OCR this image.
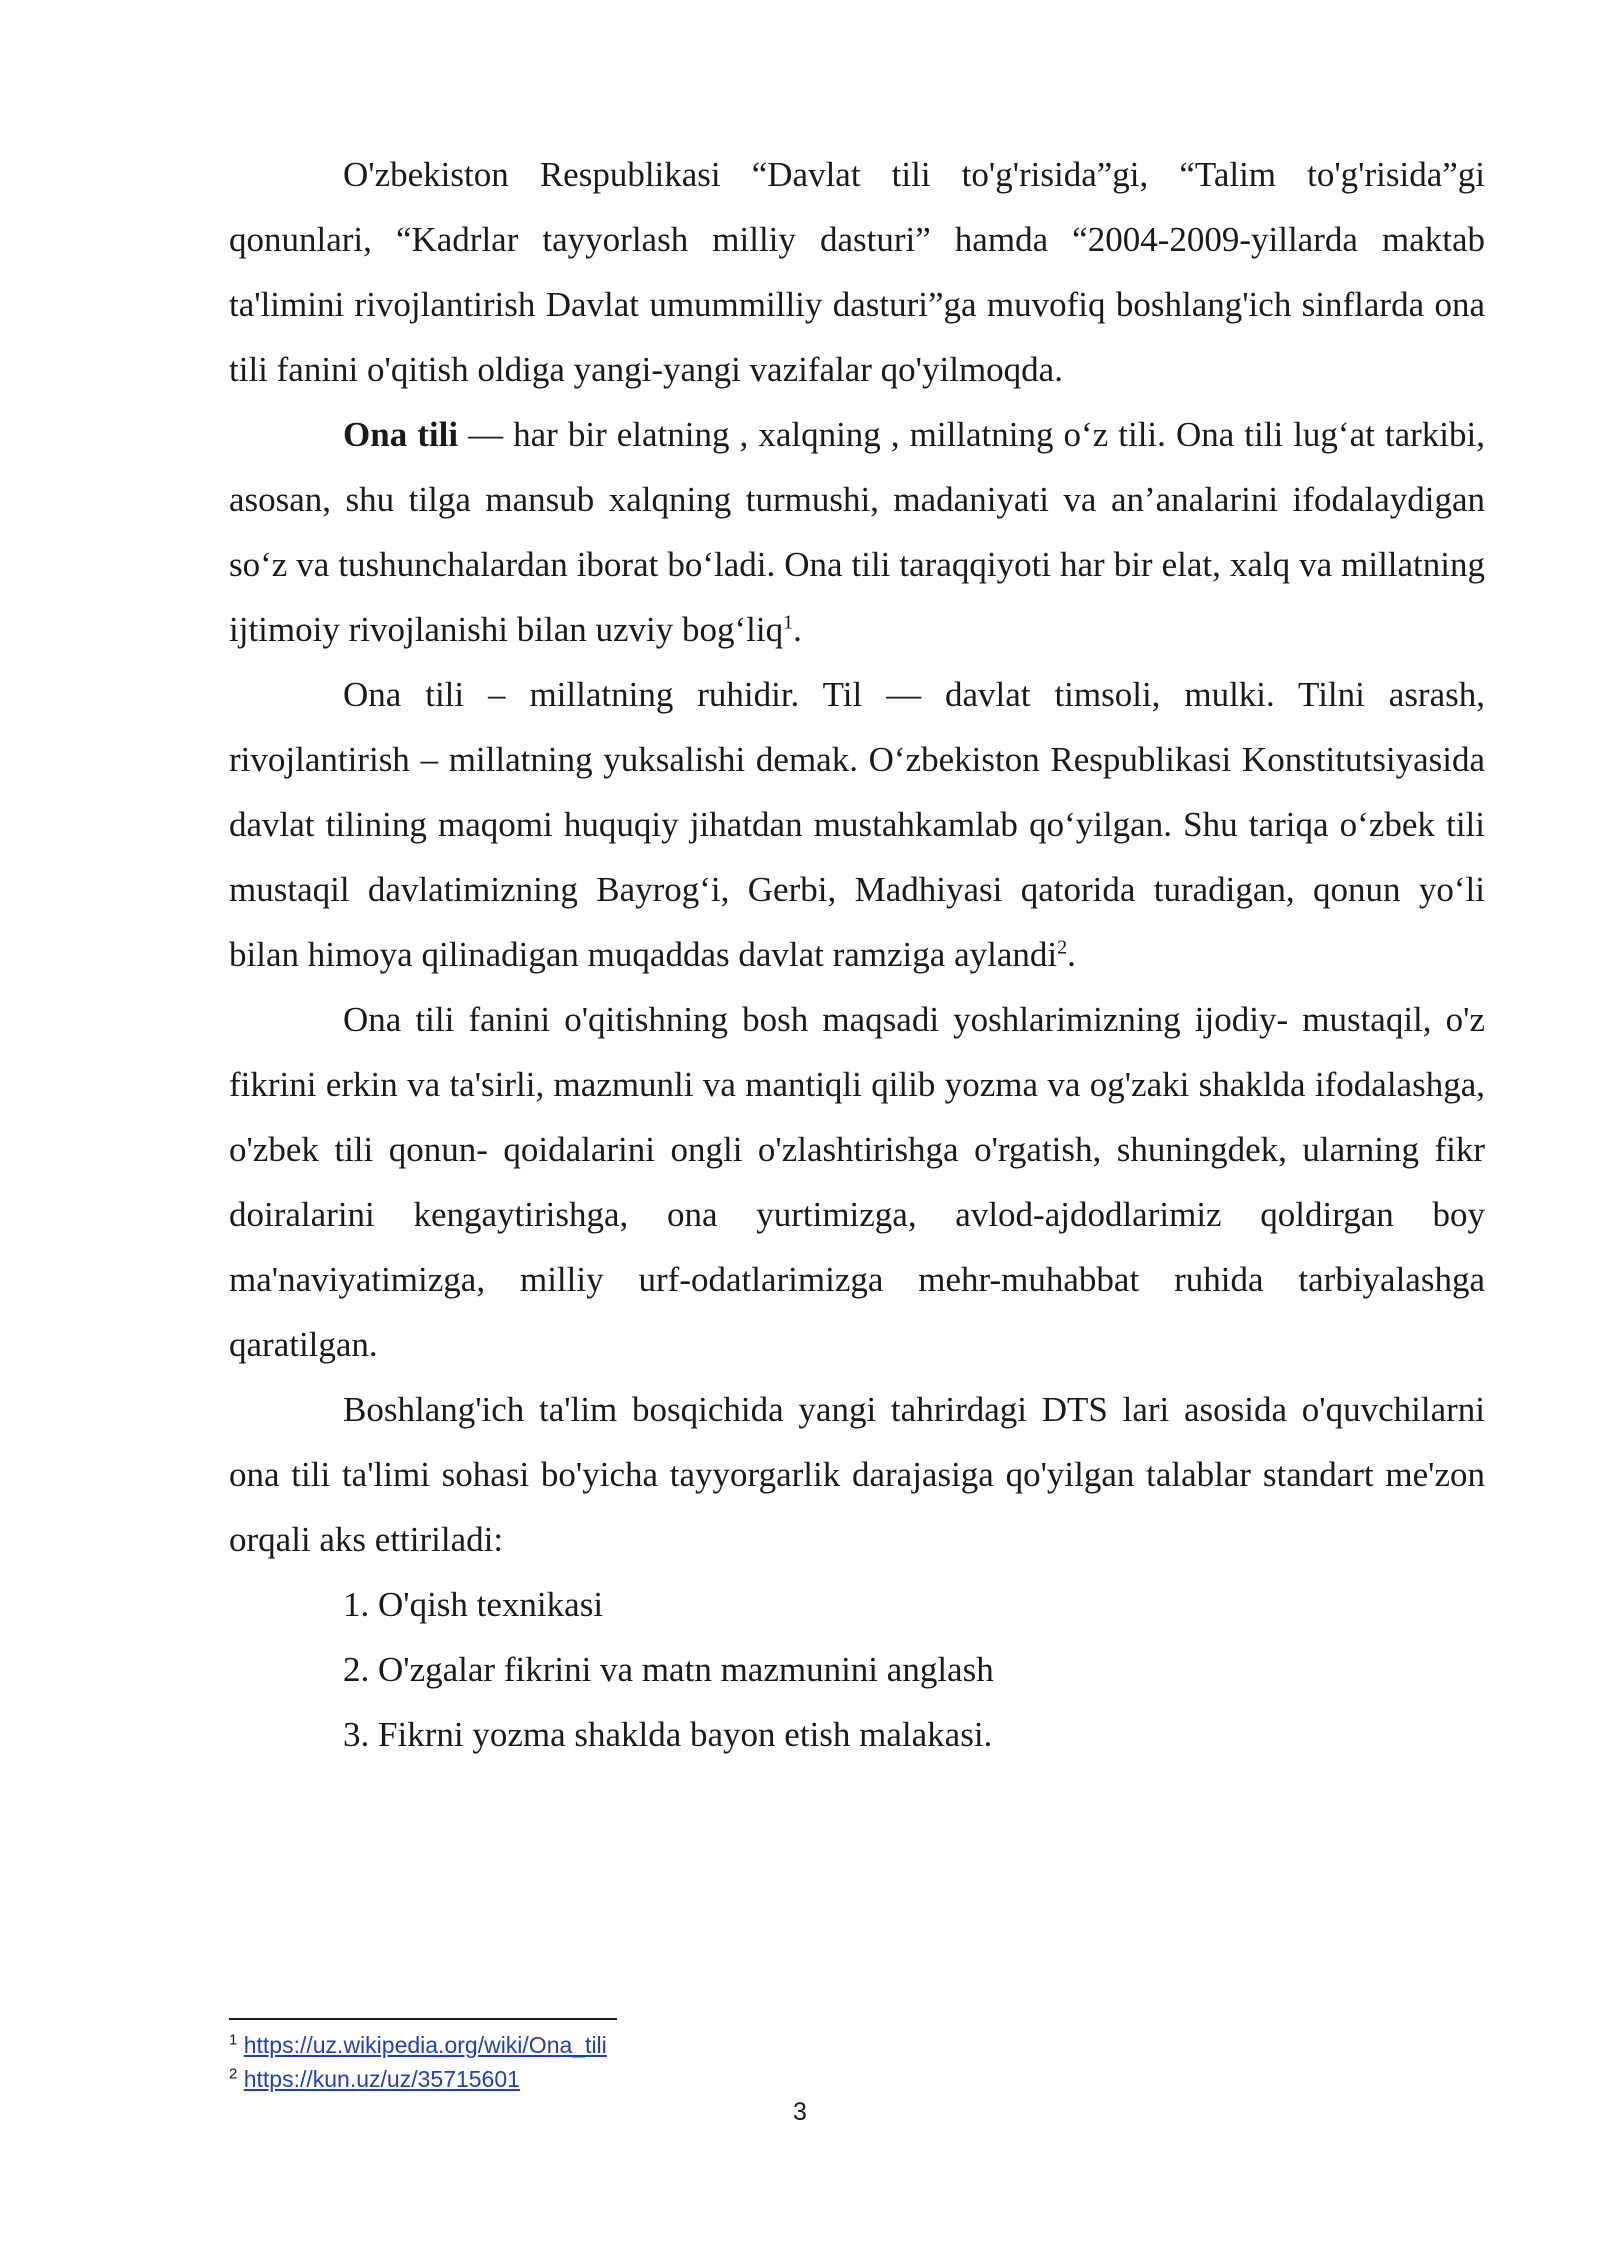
O'zbekiston Respublikasi “Davlat tili to'g'risida”gi, “Talim to'g'risida”gi qonunlari, “Kadrlar tayyorlash milliy dasturi” hamda “2004-2009-yillarda maktab ta'limini rivojlantirish Davlat umummilliy dasturi”ga muvofiq boshlang'ich sinflarda ona tili fanini o'qitish oldiga yangi-yangi vazifalar qo'yilmoqda.

Ona tili — har bir elatning , xalqning , millatning oʻz tili. Ona tili lugʻat tarkibi, asosan, shu tilga mansub xalqning turmushi, madaniyati va an’analarini ifodalaydigan soʻz va tushunchalardan iborat boʻladi. Ona tili taraqqiyoti har bir elat, xalq va millatning ijtimoiy rivojlanishi bilan uzviy bogʻliq$^1$.

Ona tili – millatning ruhidir. Til — davlat timsoli, mulki. Tilni asrash, rivojlantirish – millatning yuksalishi demak. Oʻzbekiston Respublikasi Konstitutsiyasida davlat tilining maqomi huquqiy jihatdan mustahkamlab qoʻyilgan. Shu tariqa oʻzbek tili mustaqil davlatimizning Bayrogʻi, Gerbi, Madhiyasi qatorida turadigan, qonun yoʻli bilan himoya qilinadigan muqaddas davlat ramziga aylandi$^2$.

Ona tili fanini o'qitishning bosh maqsadi yoshlarimizning ijodiy- mustaqil, o'z fikrini erkin va ta'sirli, mazmunli va mantiqli qilib yozma va og'zaki shaklda ifodalashga, o'zbek tili qonun- qoidalarini ongli o'zlashtirishga o'rgatish, shuningdek, ularning fikr doiralarini kengaytirishga, ona yurtimizga, avlod-ajdodlarimiz qoldirgan boy ma'naviyatimizga, milliy urf-odatlarimizga mehr-muhabbat ruhida tarbiyalashga qaratilgan.

Boshlang'ich ta'lim bosqichida yangi tahrirdagi DTS lari asosida o'quvchilarni ona tili ta'limi sohasi bo'yicha tayyorgarlik darajasiga qo'yilgan talablar standart me'zon orqali aks ettiriladi:

1. O'qish texnikasi
2. O'zgalar fikrini va matn mazmunini anglash
3. Fikrni yozma shaklda bayon etish malakasi.
$^1$ https://uz.wikipedia.org/wiki/Ona_tili
$^2$ https://kun.uz/uz/35715601
3
